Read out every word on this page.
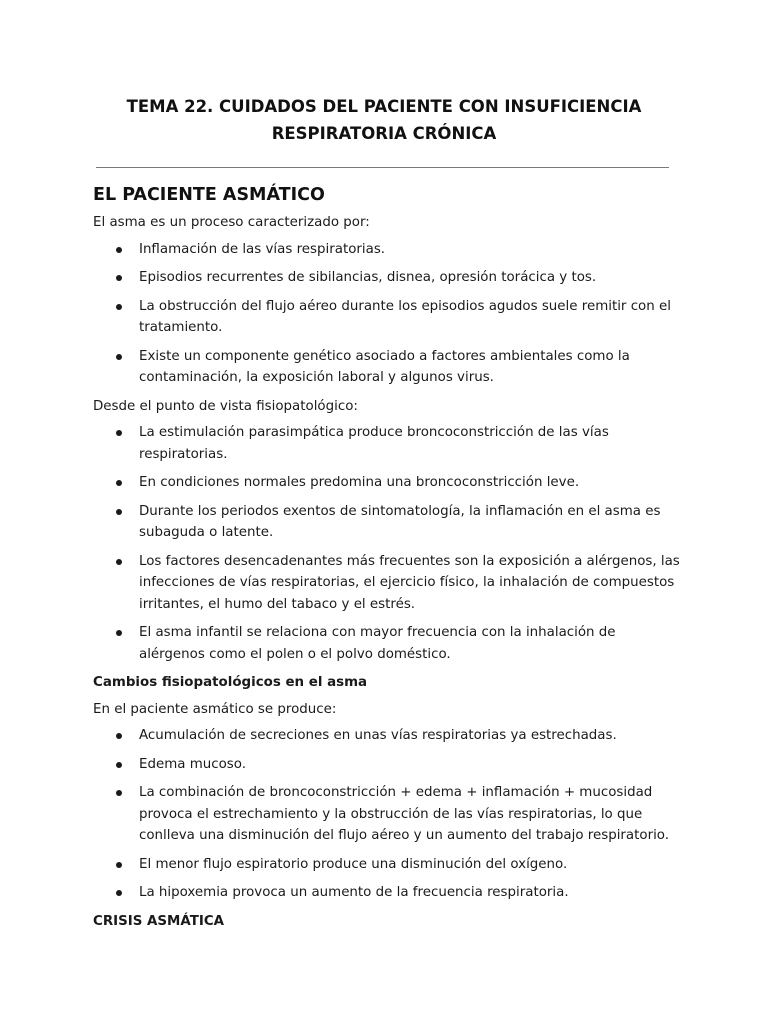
TEMA 22. CUIDADOS DEL PACIENTE CON INSUFICIENCIA
RESPIRATORIA CRÓNICA
EL PACIENTE ASMÁTICO

El asma es un proceso caracterizado por:

Inflamación de las vías respiratorias.
Episodios recurrentes de sibilancias, disnea, opresión torácica y tos.
La obstrucción del flujo aéreo durante los episodios agudos suele remitir con el tratamiento.
Existe un componente genético asociado a factores ambientales como la contaminación, la exposición laboral y algunos virus.

Desde el punto de vista fisiopatológico:

La estimulación parasimpática produce broncoconstricción de las vías respiratorias.
En condiciones normales predomina una broncoconstricción leve.
Durante los periodos exentos de sintomatología, la inflamación en el asma es subaguda o latente.
Los factores desencadenantes más frecuentes son la exposición a alérgenos, las infecciones de vías respiratorias, el ejercicio físico, la inhalación de compuestos irritantes, el humo del tabaco y el estrés.
El asma infantil se relaciona con mayor frecuencia con la inhalación de alérgenos como el polen o el polvo doméstico.
Cambios fisiopatológicos en el asma

En el paciente asmático se produce:

Acumulación de secreciones en unas vías respiratorias ya estrechadas.
Edema mucoso.
La combinación de broncoconstricción + edema + inflamación + mucosidad provoca el estrechamiento y la obstrucción de las vías respiratorias, lo que conlleva una disminución del flujo aéreo y un aumento del trabajo respiratorio.
El menor flujo espiratorio produce una disminución del oxígeno.
La hipoxemia provoca un aumento de la frecuencia respiratoria.
CRISIS ASMÁTICA
